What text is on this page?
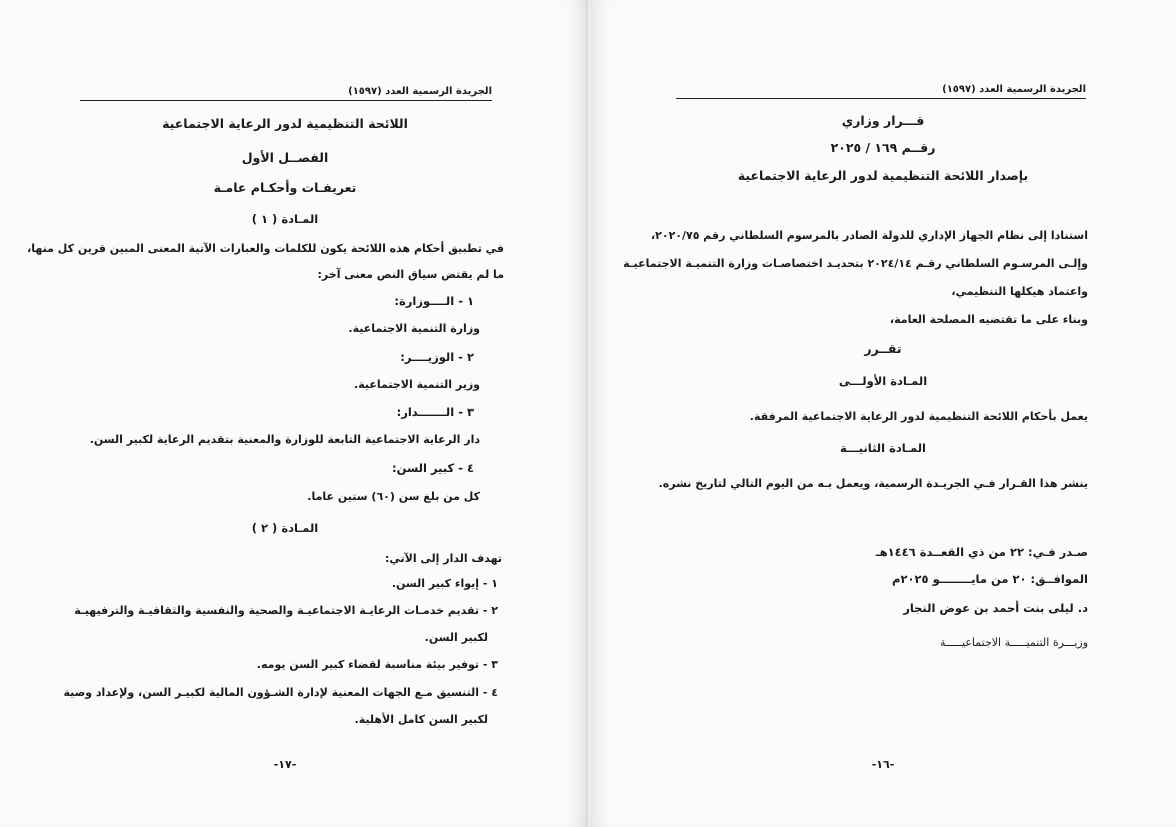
الجريدة الرسمية العدد (١٥٩٧)
اللائحة التنظيمية لدور الرعاية الاجتماعية
الفصــل الأول
تعريفـات وأحكـام عامـة
المـادة ( ١ )
في تطبيق أحكام هذه اللائحة يكون للكلمات والعبارات الآتية المعنى المبين قرين كل منها،
ما لم يقتض سياق النص معنى آخر:
١ - الــــوزارة:
وزارة التنمية الاجتماعية.
٢ - الوزيــــر:
وزير التنمية الاجتماعية.
٣ - الـــــــدار:
دار الرعاية الاجتماعية التابعة للوزارة والمعنية بتقديم الرعاية لكبير السن.
٤ - كبير السن:
كل من بلغ سن (٦٠) ستين عاما.
المـادة ( ٢ )
تهدف الدار إلى الآتي:
١ - إيواء كبير السن.
٢ - تقديم خدمـات الرعايـة الاجتماعيـة والصحية والنفسية والثقافيـة والترفيهيـة
لكبير السن.
٣ - توفير بيئة مناسبة لقضاء كبير السن يومه.
٤ - التنسيق مـع الجهات المعنية لإدارة الشـؤون المالية لكبيـر السن، ولإعداد وصية
لكبير السن كامل الأهلية.
-١٧-
الجريدة الرسمية العدد (١٥٩٧)
قـــرار وزاري
رقــم ١٦٩ / ٢٠٢٥
بإصدار اللائحة التنظيمية لدور الرعاية الاجتماعية
استنادا إلى نظام الجهاز الإداري للدولة الصادر بالمرسوم السلطاني رقم ٢٠٢٠/٧٥،
وإلـى المرسـوم السلطاني رقـم ٢٠٢٤/١٤ بتحديـد اختصاصـات وزارة التنميـة الاجتماعيـة
واعتماد هيكلها التنظيمي،
وبناء على ما تقتضيه المصلحة العامة،
تقــرر
المـادة الأولـــى
يعمل بأحكام اللائحة التنظيمية لدور الرعاية الاجتماعية المرفقة.
المـادة الثانيـــة
ينشر هذا القـرار فـي الجريـدة الرسمية، ويعمل بـه من اليوم التالي لتاريخ نشره.
صـدر فـي: ٢٢ من ذي القعــدة ١٤٤٦هـ
الموافــق: ٢٠ من مايــــــــو ٢٠٢٥م
د. ليلى بنت أحمد بن عوض النجار
وزيـــرة التنميـــــة الاجتماعيـــــة
-١٦-
